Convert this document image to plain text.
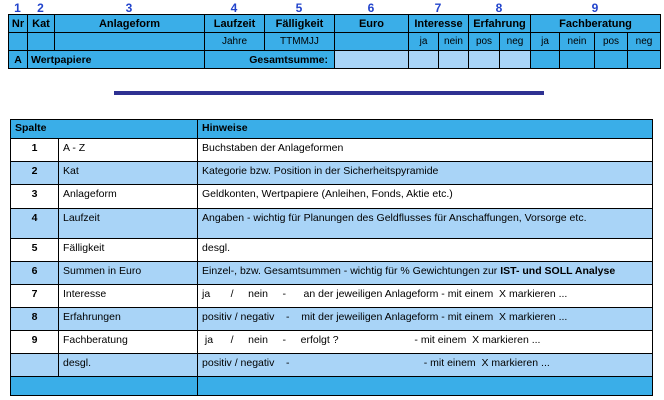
1	2	3	4	5	6	7	8	9
Nr	Kat	Anlageform	Laufzeit	Fälligkeit	Euro	Interesse		Erfahrung		Fachberatung			
			Jahre	TTMMJJ		ja	nein	pos	neg	ja	nein	pos	neg
A	Wertpapiere		Gesamtsumme:										
Spalte		Hinweise
1	A - Z	Buchstaben der Anlageformen
2	Kat	Kategorie bzw. Position in der Sicherheitspyramide
3	Anlageform	Geldkonten, Wertpapiere (Anleihen, Fonds, Aktie etc.)
4	Laufzeit	Angaben - wichtig für Planungen des Geldflusses für Anschaffungen, Vorsorge etc.
5	Fälligkeit	desgl.
6	Summen in Euro	Einzel-, bzw. Gesamtsummen - wichtig für % Gewichtungen zur IST- und SOLL Analyse
7	Interesse	ja       /     nein     -      an der jeweiligen Anlageform - mit einem  X markieren ...
8	Erfahrungen	positiv / negativ    -    mit der jeweiligen Anlageform - mit einem  X markieren ...
9	Fachberatung	ja      /     nein     -     erfolgt ?                          - mit einem  X markieren ...
	desgl.	positiv / negativ    -                                              - mit einem  X markieren ...
